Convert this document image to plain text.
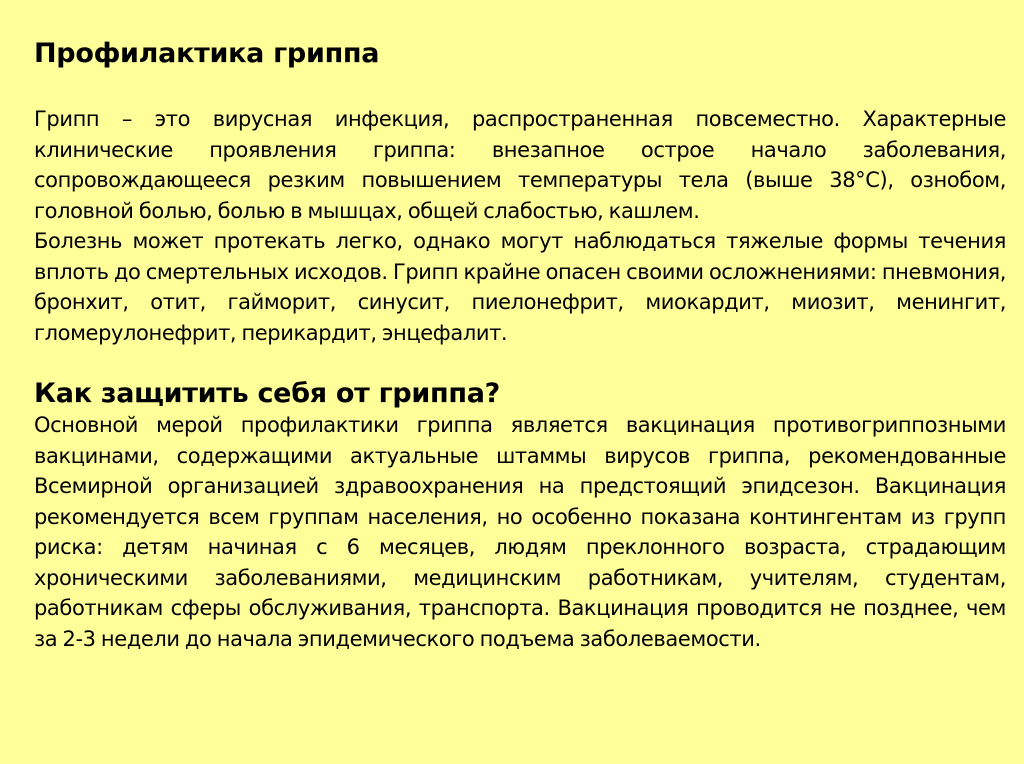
Профилактика гриппа

Грипп – это вирусная инфекция, распространенная повсеместно. Характерные клинические проявления гриппа: внезапное острое начало заболевания, сопровождающееся резким повышением температуры тела (выше 38°С), ознобом, головной болью, болью в мышцах, общей слабостью, кашлем.

Болезнь может протекать легко, однако могут наблюдаться тяжелые формы течения вплоть до смертельных исходов. Грипп крайне опасен своими осложнениями: пневмония, бронхит, отит, гайморит, синусит, пиелонефрит, миокардит, миозит, менингит, гломерулонефрит, перикардит, энцефалит.

Как защитить себя от гриппа?

Основной мерой профилактики гриппа является вакцинация противогриппозными вакцинами, содержащими актуальные штаммы вирусов гриппа, рекомендованные Всемирной организацией здравоохранения на предстоящий эпидсезон. Вакцинация рекомендуется всем группам населения, но особенно показана контингентам из групп риска: детям начиная с 6 месяцев, людям преклонного возраста, страдающим хроническими заболеваниями, медицинским работникам, учителям, студентам, работникам сферы обслуживания, транспорта. Вакцинация проводится не позднее, чем за 2-3 недели до начала эпидемического подъема заболеваемости.
